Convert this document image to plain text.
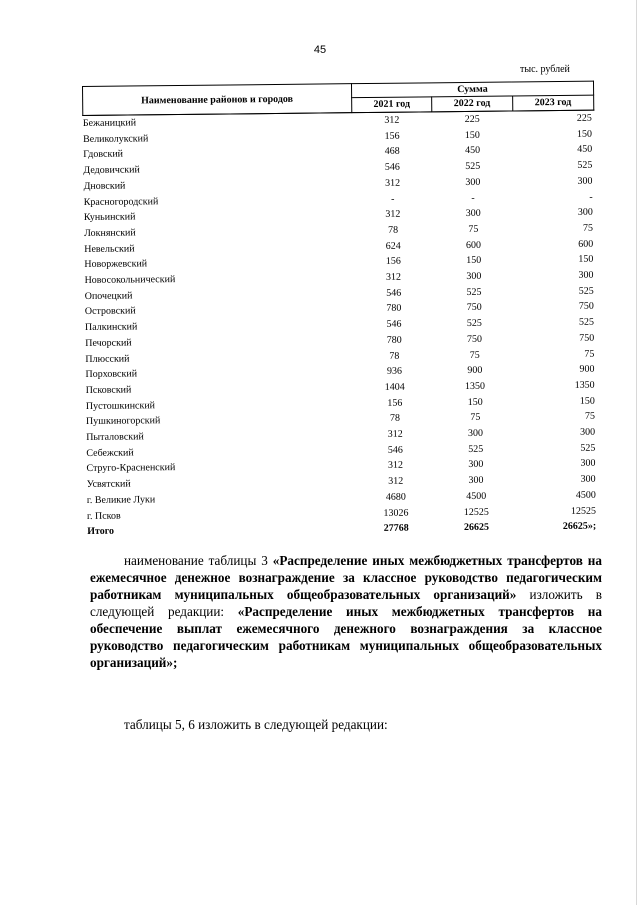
45
тыс. рублей
Наименование районов и городов	Сумма		
	2021 год	2022 год	2023 год
Бежаницкий	312	225	225
Великолукский	156	150	150
Гдовский	468	450	450
Дедовичский	546	525	525
Дновский	312	300	300
Красногородский	-	-	-
Куньинский	312	300	300
Локнянский	78	75	75
Невельский	624	600	600
Новоржевский	156	150	150
Новосокольнический	312	300	300
Опочецкий	546	525	525
Островский	780	750	750
Палкинский	546	525	525
Печорский	780	750	750
Плюсский	78	75	75
Порховский	936	900	900
Псковский	1404	1350	1350
Пустошкинский	156	150	150
Пушкиногорский	78	75	75
Пыталовский	312	300	300
Себежский	546	525	525
Струго-Красненский	312	300	300
Усвятский	312	300	300
г. Великие Луки	4680	4500	4500
г. Псков	13026	12525	12525
Итого	27768	26625	26625»;
наименование таблицы 3 «Распределение иных межбюджетных трансфертов на ежемесячное денежное вознаграждение за классное руководство педагогическим работникам муниципальных общеобразовательных организаций» изложить в следующей редакции: «Распределение иных межбюджетных трансфертов на обеспечение выплат ежемесячного денежного вознаграждения за классное руководство педагогическим работникам муниципальных общеобразовательных организаций»;
таблицы 5, 6 изложить в следующей редакции:
